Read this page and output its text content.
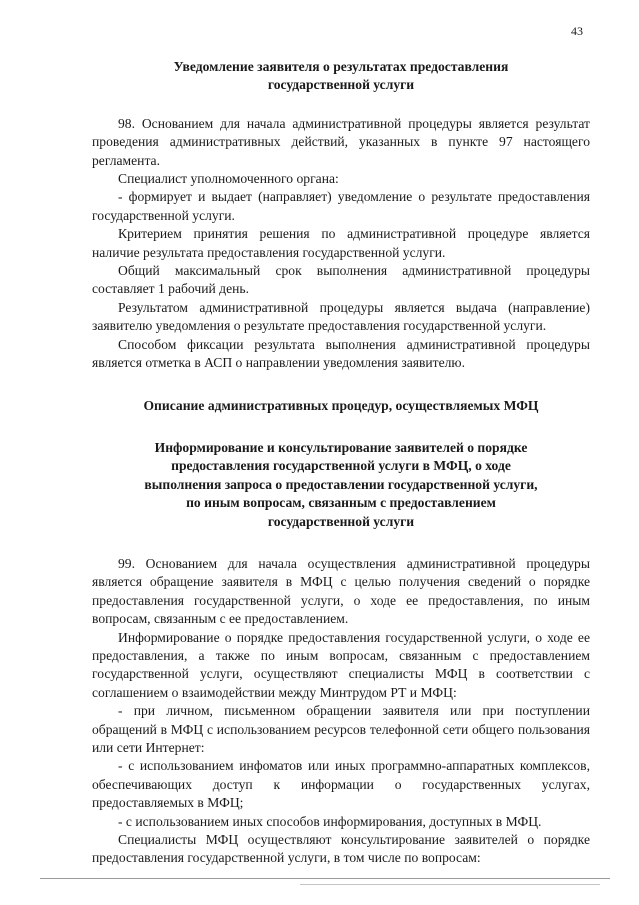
43

Уведомление заявителя о результатах предоставления
государственной услуги

98. Основанием для начала административной процедуры является результат проведения административных действий, указанных в пункте 97 настоящего регламента.

Специалист уполномоченного органа:

- формирует и выдает (направляет) уведомление о результате предоставления государственной услуги.

Критерием принятия решения по административной процедуре является наличие результата предоставления государственной услуги.

Общий максимальный срок выполнения административной процедуры составляет 1 рабочий день.

Результатом административной процедуры является выдача (направление) заявителю уведомления о результате предоставления государственной услуги.

Способом фиксации результата выполнения административной процедуры является отметка в АСП о направлении уведомления заявителю.

Описание административных процедур, осуществляемых МФЦ

Информирование и консультирование заявителей о порядке
предоставления государственной услуги в МФЦ, о ходе
выполнения запроса о предоставлении государственной услуги,
по иным вопросам, связанным с предоставлением
государственной услуги

99. Основанием для начала осуществления административной процедуры является обращение заявителя в МФЦ с целью получения сведений о порядке предоставления государственной услуги, о ходе ее предоставления, по иным вопросам, связанным с ее предоставлением.

Информирование о порядке предоставления государственной услуги, о ходе ее предоставления, а также по иным вопросам, связанным с предоставлением государственной услуги, осуществляют специалисты МФЦ в соответствии с соглашением о взаимодействии между Минтрудом РТ и МФЦ:

- при личном, письменном обращении заявителя или при поступлении обращений в МФЦ с использованием ресурсов телефонной сети общего пользования или сети Интернет:

- с использованием инфоматов или иных программно-аппаратных комплексов, обеспечивающих доступ к информации о государственных услугах, предоставляемых в МФЦ;

- с использованием иных способов информирования, доступных в МФЦ.

Специалисты МФЦ осуществляют консультирование заявителей о порядке предоставления государственной услуги, в том числе по вопросам:
